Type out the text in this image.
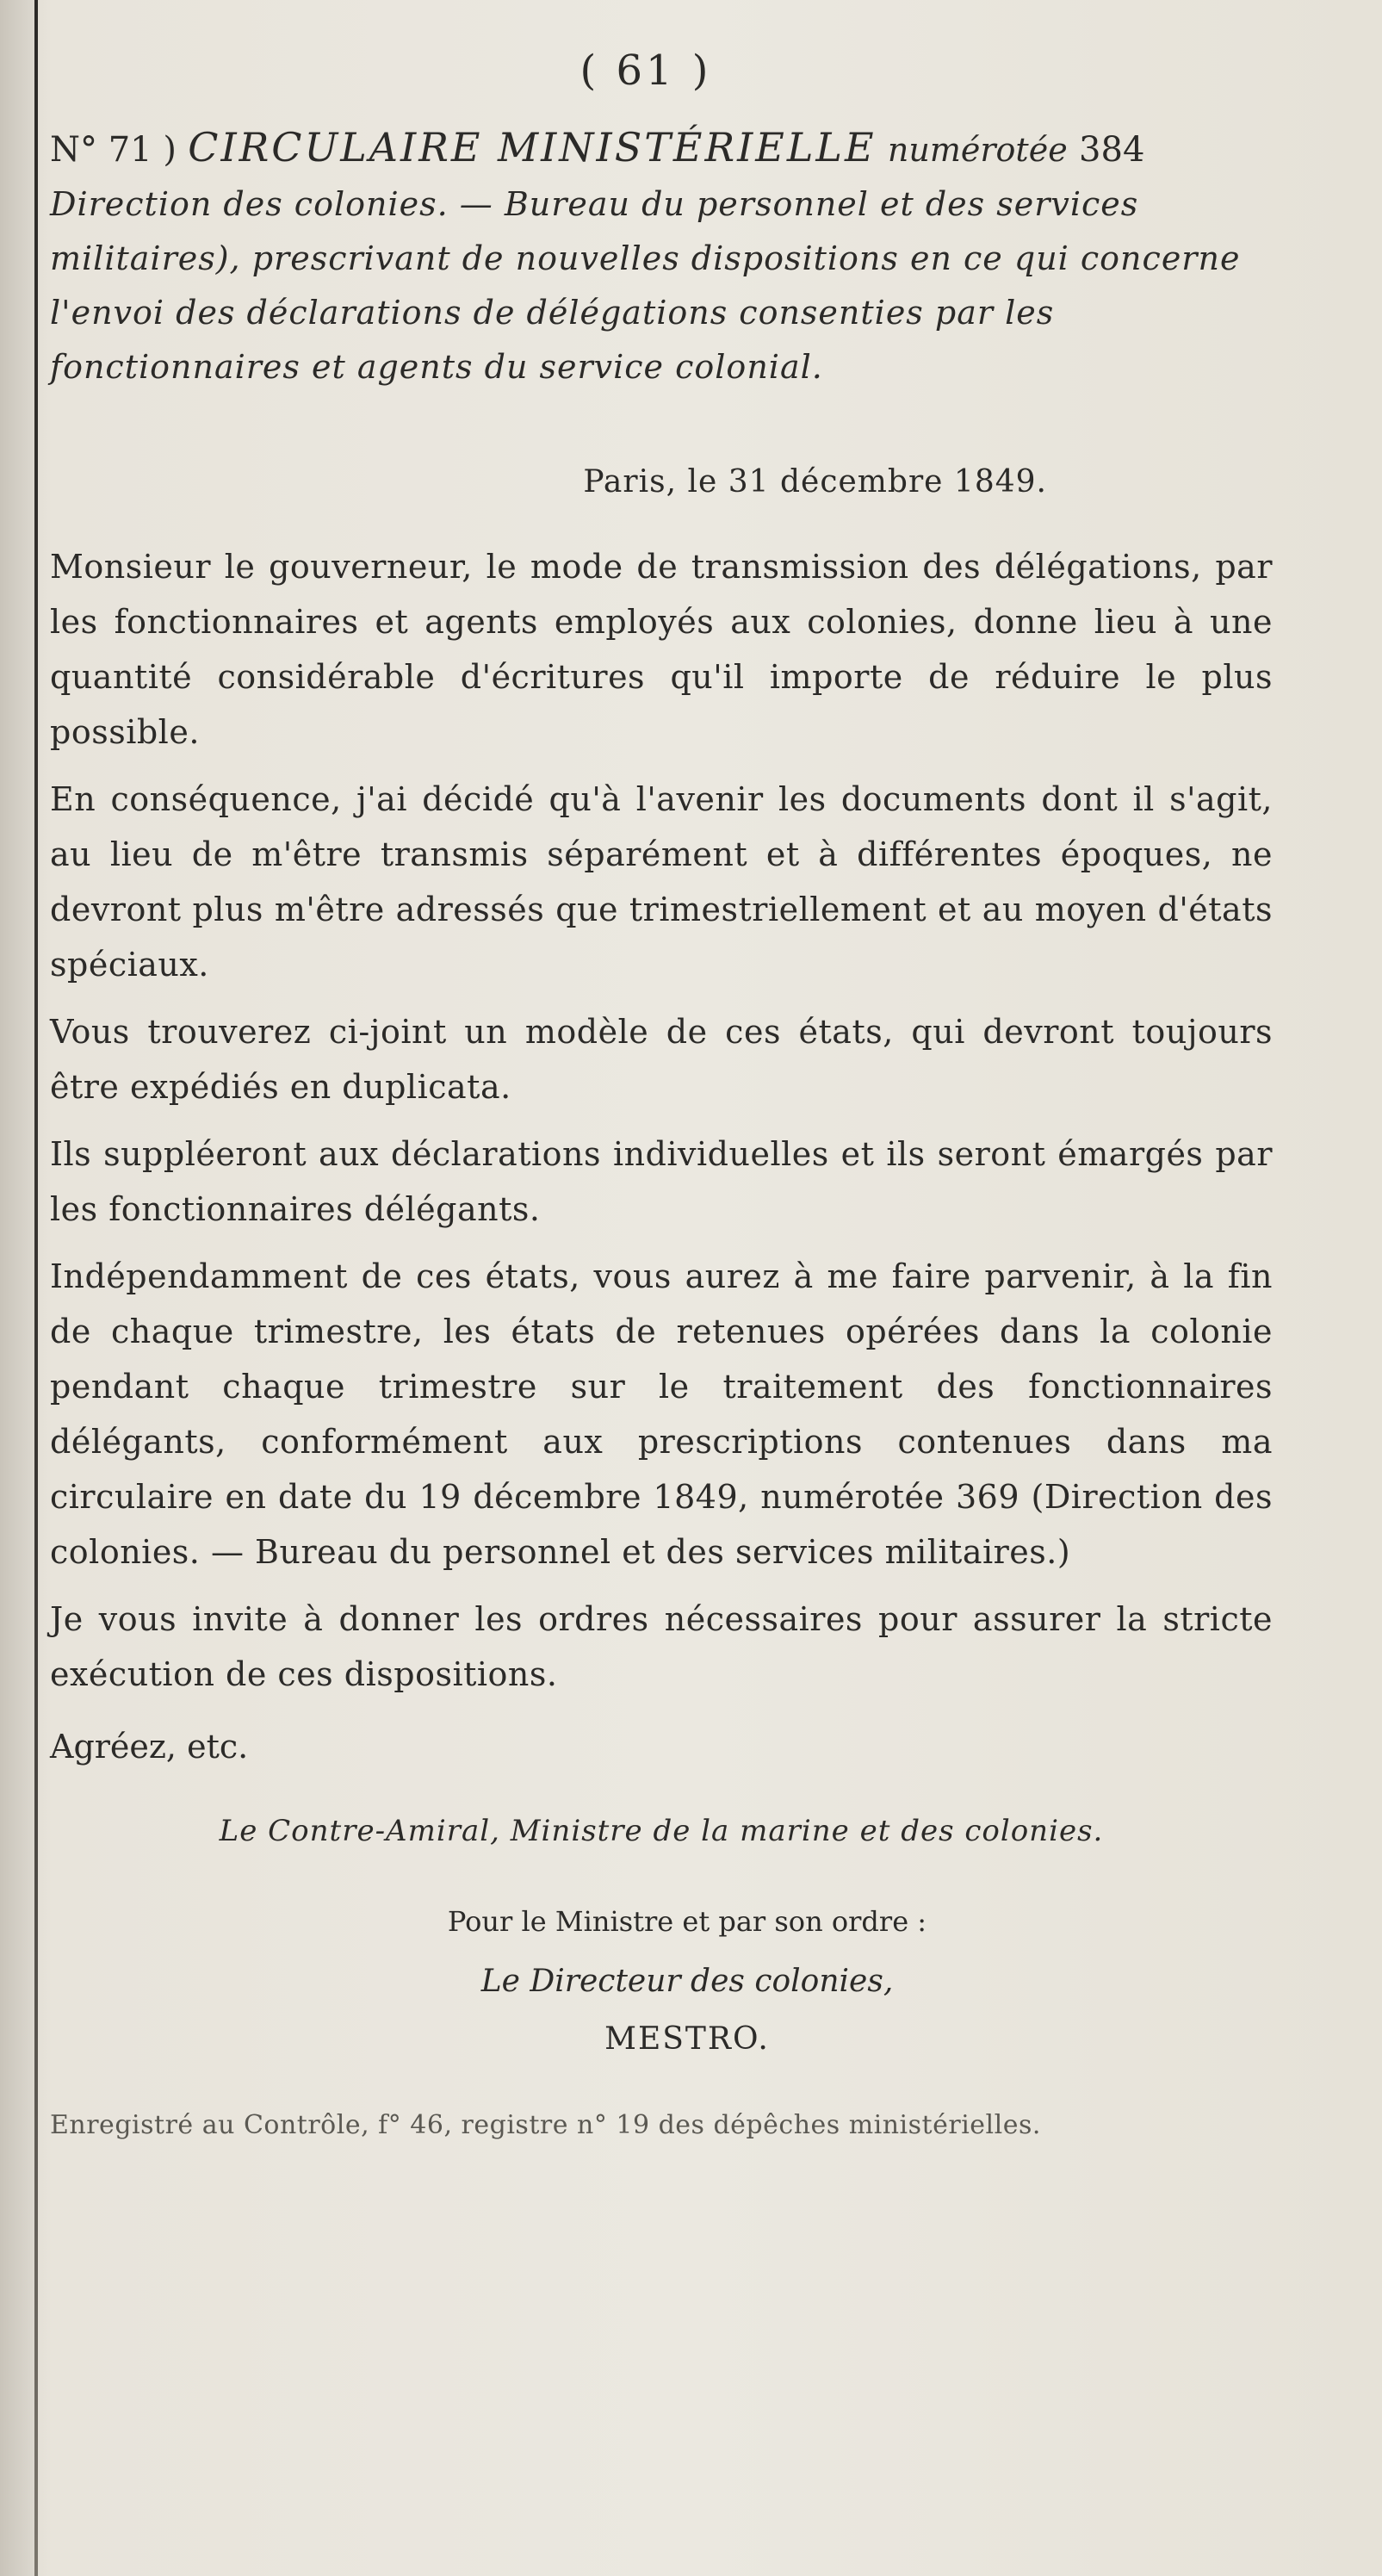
( 61 )

N° 71 ) CIRCULAIRE MINISTÉRIELLE numérotée 384 Direction des colonies. — Bureau du personnel et des services militaires), prescrivant de nouvelles dispositions en ce qui concerne l'envoi des déclarations de délégations consenties par les fonctionnaires et agents du service colonial.

Paris, le 31 décembre 1849.

Monsieur le gouverneur, le mode de transmission des délégations, par les fonctionnaires et agents employés aux colonies, donne lieu à une quantité considérable d'écritures qu'il importe de réduire le plus possible.

En conséquence, j'ai décidé qu'à l'avenir les documents dont il s'agit, au lieu de m'être transmis séparément et à différentes époques, ne devront plus m'être adressés que trimestriellement et au moyen d'états spéciaux.

Vous trouverez ci-joint un modèle de ces états, qui devront toujours être expédiés en duplicata.

Ils suppléeront aux déclarations individuelles et ils seront émargés par les fonctionnaires délégants.

Indépendamment de ces états, vous aurez à me faire parvenir, à la fin de chaque trimestre, les états de retenues opérées dans la colonie pendant chaque trimestre sur le traitement des fonctionnaires délégants, conformément aux prescriptions contenues dans ma circulaire en date du 19 décembre 1849, numérotée 369 (Direction des colonies. — Bureau du personnel et des services militaires.)

Je vous invite à donner les ordres nécessaires pour assurer la stricte exécution de ces dispositions.

Agréez, etc.
Le Contre-Amiral, Ministre de la marine et des colonies.
Pour le Ministre et par son ordre :
Le Directeur des colonies,
MESTRO.
Enregistré au Contrôle, f° 46, registre n° 19 des dépêches ministérielles.
